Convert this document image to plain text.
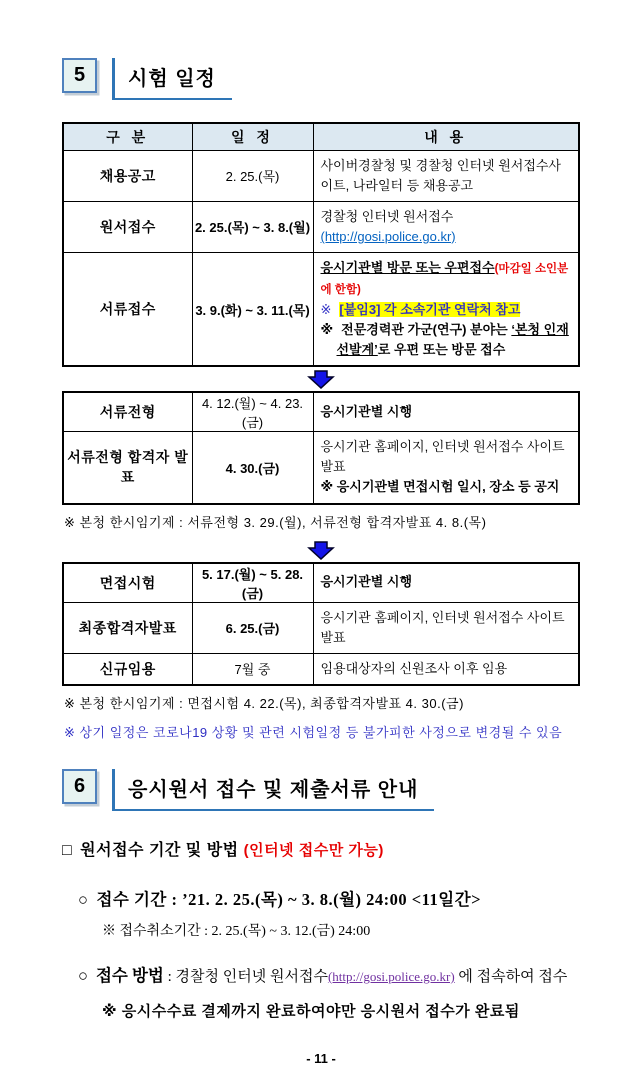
5	시험 일정
구 분	일 정	내 용
채용공고	2. 25.(목)	사이버경찰청 및 경찰청 인터넷 원서접수사이트, 나라일터 등 채용공고
원서접수	2. 25.(목) ~ 3. 8.(월)	경찰청 인터넷 원서접수(http://gosi.police.go.kr)
서류접수	3. 9.(화) ~ 3. 11.(목)	응시기관별 방문 또는 우편접수(마감일 소인분에 한함)
※ [붙임3] 각 소속기관 연락처 참고
※ 전문경력관 가군(연구) 분야는 ‘본청 인재선발계’로 우편 또는 방문 접수
서류전형	4. 12.(월) ~ 4. 23.(금)	응시기관별 시행
서류전형 합격자 발표	4. 30.(금)	응시기관 홈페이지, 인터넷 원서접수 사이트 발표
※ 응시기관별 면접시험 일시, 장소 등 공지
※ 본청 한시임기제 : 서류전형 3. 29.(월), 서류전형 합격자발표 4. 8.(목)
면접시험	5. 17.(월) ~ 5. 28.(금)	응시기관별 시행
최종합격자발표	6. 25.(금)	응시기관 홈페이지, 인터넷 원서접수 사이트 발표
신규임용	7월 중	임용대상자의 신원조사 이후 임용
※ 본청 한시임기제 : 면접시험 4. 22.(목), 최종합격자발표 4. 30.(금)
※ 상기 일정은 코로나19 상황 및 관련 시험일정 등 불가피한 사정으로 변경될 수 있음
6	응시원서 접수 및 제출서류 안내
□ 원서접수 기간 및 방법 (인터넷 접수만 가능)
○ 접수 기간 : ’21. 2. 25.(목) ~ 3. 8.(월) 24:00 <11일간>
※ 접수취소기간 : 2. 25.(목) ~ 3. 12.(금) 24:00
○ 접수 방법 : 경찰청 인터넷 원서접수(http://gosi.police.go.kr) 에 접속하여 접수
※ 응시수수료 결제까지 완료하여야만 응시원서 접수가 완료됨
- 11 -
